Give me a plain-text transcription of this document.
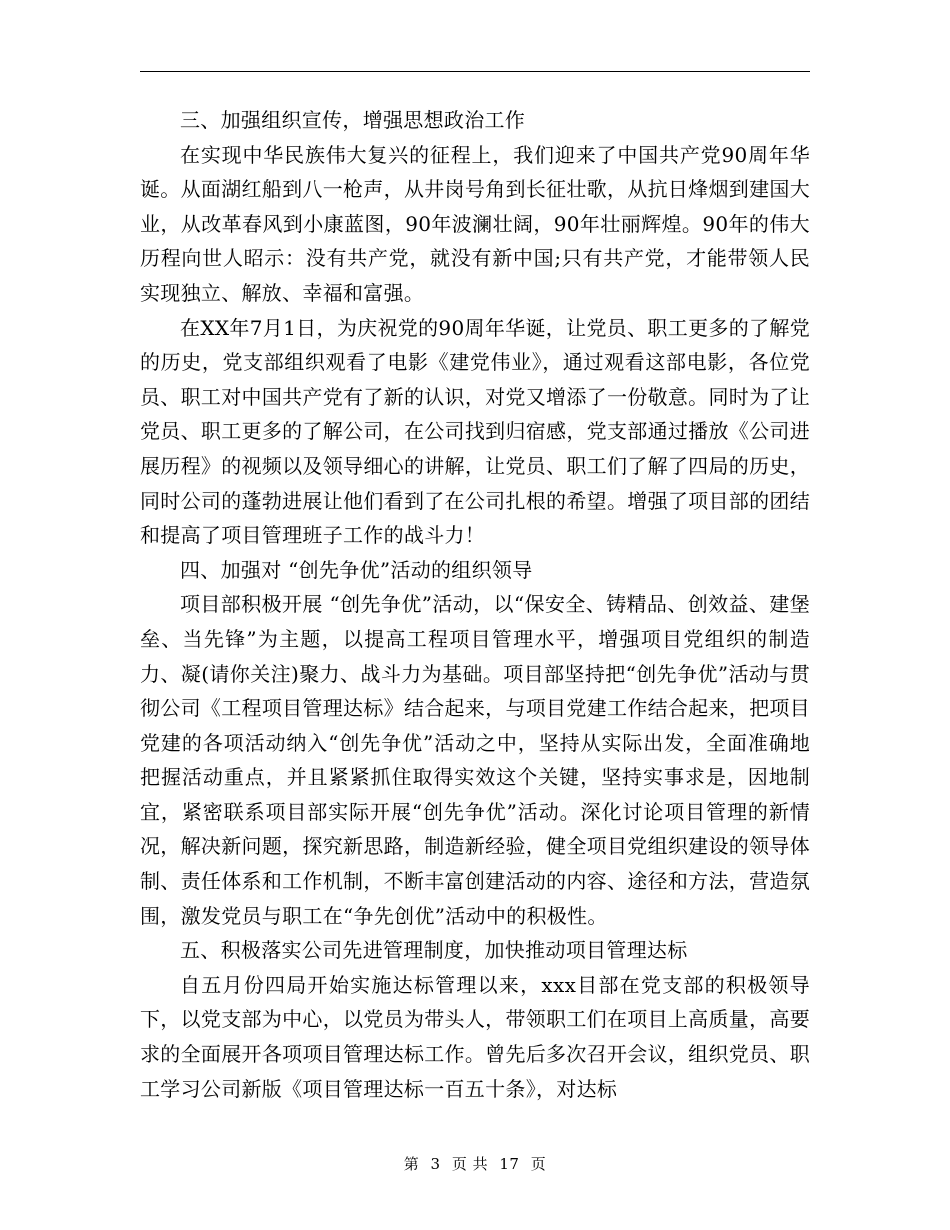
三、加强组织宣传，增强思想政治工作

在实现中华民族伟大复兴的征程上，我们迎来了中国共产党90周年华诞。从面湖红船到八一枪声，从井岗号角到长征壮歌，从抗日烽烟到建国大业，从改革春风到小康蓝图，90年波澜壮阔，90年壮丽辉煌。90年的伟大历程向世人昭示：没有共产党，就没有新中国;只有共产党，才能带领人民实现独立、解放、幸福和富强。

在XX年7月1日，为庆祝党的90周年华诞，让党员、职工更多的了解党的历史，党支部组织观看了电影《建党伟业》，通过观看这部电影，各位党员、职工对中国共产党有了新的认识，对党又增添了一份敬意。同时为了让党员、职工更多的了解公司，在公司找到归宿感，党支部通过播放《公司进展历程》的视频以及领导细心的讲解，让党员、职工们了解了四局的历史，同时公司的蓬勃进展让他们看到了在公司扎根的希望。增强了项目部的团结和提高了项目管理班子工作的战斗力！

四、加强对 “创先争优”活动的组织领导

项目部积极开展 “创先争优”活动，以“保安全、铸精品、创效益、建堡垒、当先锋”为主题，以提高工程项目管理水平，增强项目党组织的制造力、凝(请你关注)聚力、战斗力为基础。项目部坚持把“创先争优”活动与贯彻公司《工程项目管理达标》结合起来，与项目党建工作结合起来，把项目党建的各项活动纳入“创先争优”活动之中，坚持从实际出发，全面准确地把握活动重点，并且紧紧抓住取得实效这个关键，坚持实事求是，因地制宜，紧密联系项目部实际开展“创先争优”活动。深化讨论项目管理的新情况，解决新问题，探究新思路，制造新经验，健全项目党组织建设的领导体制、责任体系和工作机制，不断丰富创建活动的内容、途径和方法，营造氛围，激发党员与职工在“争先创优”活动中的积极性。

五、积极落实公司先进管理制度，加快推动项目管理达标

自五月份四局开始实施达标管理以来，xxx目部在党支部的积极领导下，以党支部为中心，以党员为带头人，带领职工们在项目上高质量，高要求的全面展开各项项目管理达标工作。曾先后多次召开会议，组织党员、职工学习公司新版《项目管理达标一百五十条》，对达标

第 3 页 共 17 页
